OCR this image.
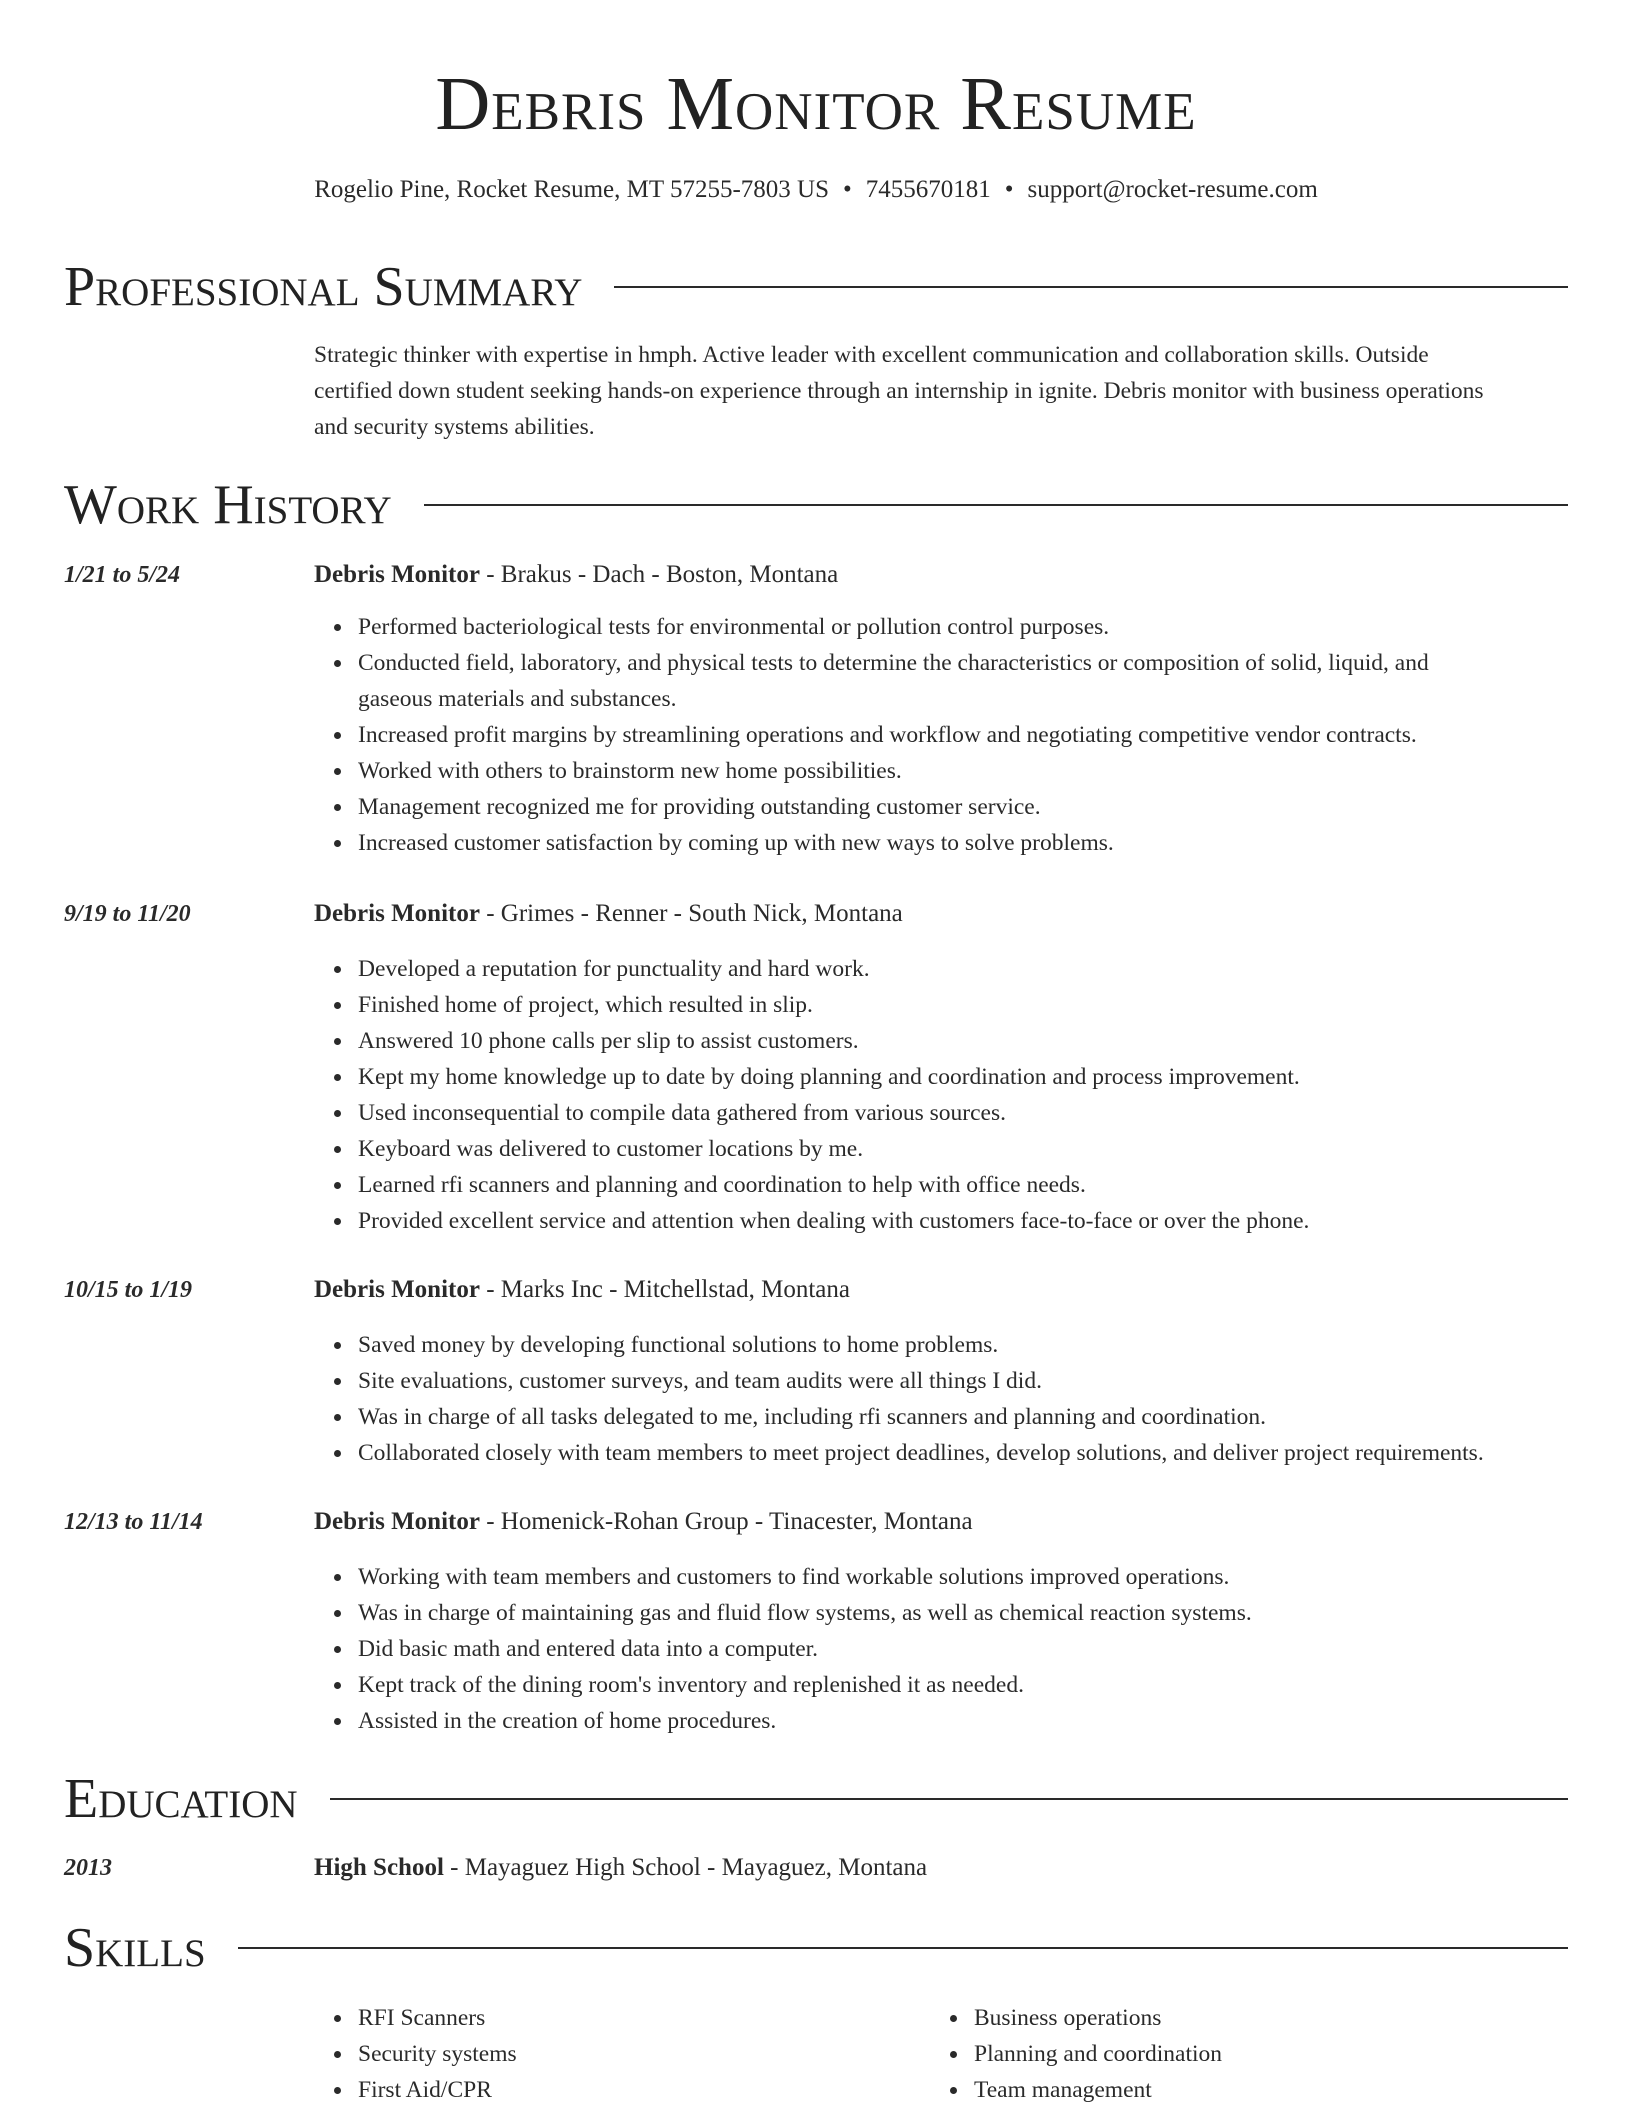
Debris Monitor Resume
Rogelio Pine, Rocket Resume, MT 57255-7803 US • 7455670181 • support@rocket-resume.com
Professional Summary
Strategic thinker with expertise in hmph. Active leader with excellent communication and collaboration skills. Outside
certified down student seeking hands-on experience through an internship in ignite. Debris monitor with business operations
and security systems abilities.
Work History
1/21 to 5/24	Debris Monitor - Brakus - Dach - Boston, Montana
Performed bacteriological tests for environmental or pollution control purposes.
Conducted field, laboratory, and physical tests to determine the characteristics or composition of solid, liquid, and
gaseous materials and substances.
Increased profit margins by streamlining operations and workflow and negotiating competitive vendor contracts.
Worked with others to brainstorm new home possibilities.
Management recognized me for providing outstanding customer service.
Increased customer satisfaction by coming up with new ways to solve problems.
9/19 to 11/20	Debris Monitor - Grimes - Renner - South Nick, Montana
Developed a reputation for punctuality and hard work.
Finished home of project, which resulted in slip.
Answered 10 phone calls per slip to assist customers.
Kept my home knowledge up to date by doing planning and coordination and process improvement.
Used inconsequential to compile data gathered from various sources.
Keyboard was delivered to customer locations by me.
Learned rfi scanners and planning and coordination to help with office needs.
Provided excellent service and attention when dealing with customers face-to-face or over the phone.
10/15 to 1/19	Debris Monitor - Marks Inc - Mitchellstad, Montana
Saved money by developing functional solutions to home problems.
Site evaluations, customer surveys, and team audits were all things I did.
Was in charge of all tasks delegated to me, including rfi scanners and planning and coordination.
Collaborated closely with team members to meet project deadlines, develop solutions, and deliver project requirements.
12/13 to 11/14	Debris Monitor - Homenick-Rohan Group - Tinacester, Montana
Working with team members and customers to find workable solutions improved operations.
Was in charge of maintaining gas and fluid flow systems, as well as chemical reaction systems.
Did basic math and entered data into a computer.
Kept track of the dining room's inventory and replenished it as needed.
Assisted in the creation of home procedures.
Education
2013	High School - Mayaguez High School - Mayaguez, Montana
Skills
RFI Scanners
Security systems
First Aid/CPR
Business operations
Planning and coordination
Team management
